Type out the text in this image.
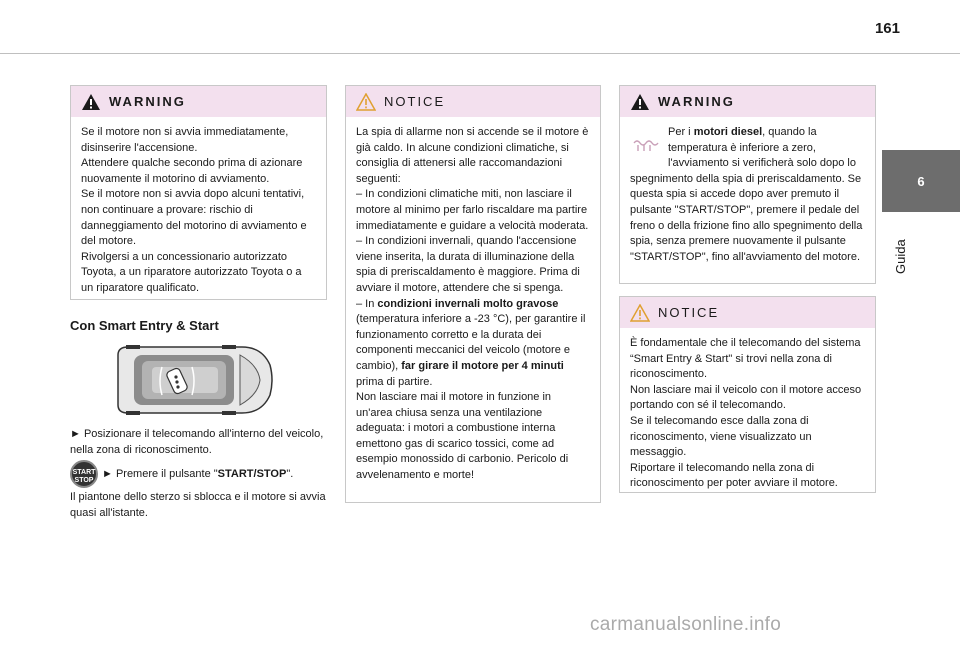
161
6
Guida
WARNING

Se il motore non si avvia immediatamente, disinserire l'accensione.

Attendere qualche secondo prima di azionare nuovamente il motorino di avviamento.

Se il motore non si avvia dopo alcuni tentativi, non continuare a provare: rischio di danneggiamento del motorino di avviamento e del motore.

Rivolgersi a un concessionario autorizzato Toyota, a un riparatore autorizzato Toyota o a un riparatore qualificato.

Con Smart Entry & Start

► Posizionare il telecomando all'interno del veicolo, nella zona di riconoscimento.

START
STOP► Premere il pulsante "START/STOP".

Il piantone dello sterzo si sblocca e il motore si avvia quasi all'istante.

NOTICE

La spia di allarme non si accende se il motore è già caldo. In alcune condizioni climatiche, si consiglia di attenersi alle raccomandazioni seguenti:

– In condizioni climatiche miti, non lasciare il motore al minimo per farlo riscaldare ma partire immediatamente e guidare a velocità moderata.

– In condizioni invernali, quando l'accensione viene inserita, la durata di illuminazione della spia di preriscaldamento è maggiore. Prima di avviare il motore, attendere che si spenga.

– In condizioni invernali molto gravose (temperatura inferiore a -23 °C), per garantire il funzionamento corretto e la durata dei componenti meccanici del veicolo (motore e cambio), far girare il motore per 4 minuti prima di partire.

Non lasciare mai il motore in funzione in un'area chiusa senza una ventilazione adeguata: i motori a combustione interna emettono gas di scarico tossici, come ad esempio monossido di carbonio. Pericolo di avvelenamento e morte!

WARNING

Per i motori diesel, quando la temperatura è inferiore a zero, l'avviamento si verificherà solo dopo lo spegnimento della spia di preriscaldamento. Se questa spia si accede dopo aver premuto il pulsante "START/STOP", premere il pedale del freno o della frizione fino allo spegnimento della spia, senza premere nuovamente il pulsante "START/STOP", fino all'avviamento del motore.

NOTICE

È fondamentale che il telecomando del sistema “Smart Entry & Start" si trovi nella zona di riconoscimento.

Non lasciare mai il veicolo con il motore acceso portando con sé il telecomando.

Se il telecomando esce dalla zona di riconoscimento, viene visualizzato un messaggio.

Riportare il telecomando nella zona di riconoscimento per poter avviare il motore.

carmanualsonline.info
